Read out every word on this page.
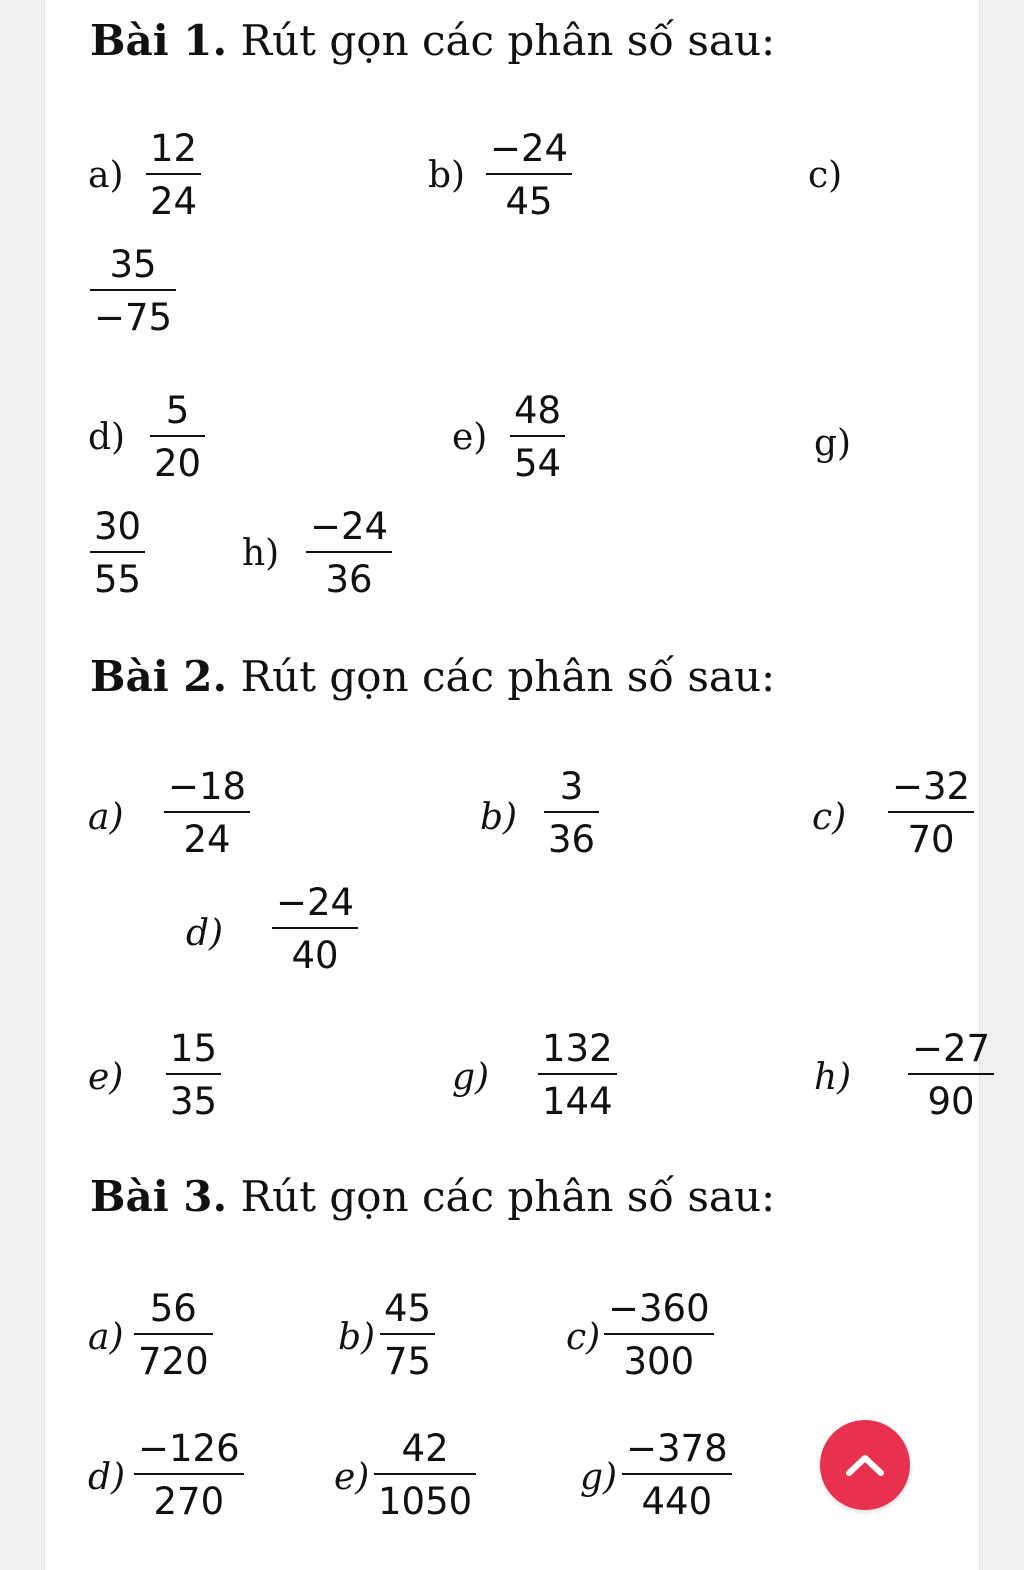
Bài 1. Rút gọn các phân số sau:
$a) \frac{12}{24}$	$b) \frac{-24}{45}$	c)
$\frac{35}{-75}$
$d) \frac{5}{20}$	$e) \frac{48}{54}$	g)
$\frac{30}{55}$	$h) \frac{-24}{36}$
Bài 2. Rút gọn các phân số sau:
$a) \frac{-18}{24}$	$b) \frac{3}{36}$	$c) \frac{-32}{70}$
$d) \frac{-24}{40}$
$e) \frac{15}{35}$	$g) \frac{132}{144}$	$h) \frac{-27}{90}$
Bài 3. Rút gọn các phân số sau:
$a) \frac{56}{720}$	$b) \frac{45}{75}$	$c) \frac{-360}{300}$
$d) \frac{-126}{270}$	$e) \frac{42}{1050}$	$g) \frac{-378}{440}$
